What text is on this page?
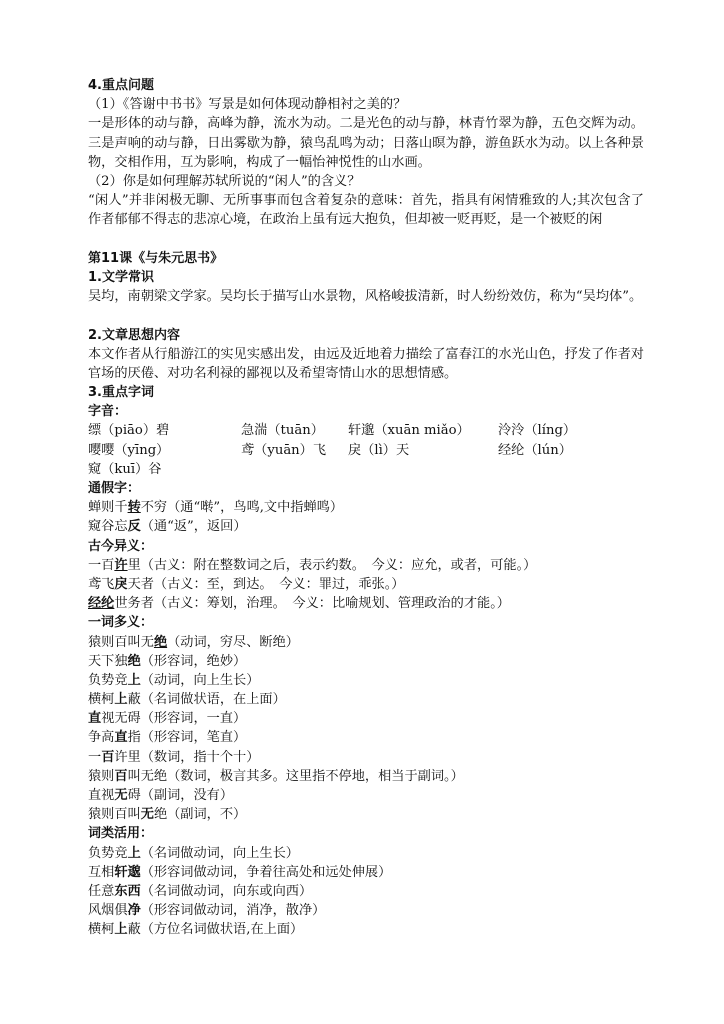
4.重点问题
（1）《答谢中书书》写景是如何体现动静相衬之美的？
一是形体的动与静，高峰为静，流水为动。二是光色的动与静，林青竹翠为静，五色交辉为动。三是声响的动与静，日出雾歇为静，猿鸟乱鸣为动；日落山暝为静，游鱼跃水为动。以上各种景物，交相作用，互为影响，构成了一幅怡神悦性的山水画。
（2）你是如何理解苏轼所说的“闲人”的含义？
“闲人”并非闲极无聊、无所事事而包含着复杂的意味：首先，指具有闲情雅致的人;其次包含了作者郁郁不得志的悲凉心境，在政治上虽有远大抱负，但却被一贬再贬，是一个被贬的闲
第11课《与朱元思书》
1.文学常识
吴均，南朝梁文学家。吴均长于描写山水景物，风格峻拔清新，时人纷纷效仿，称为“吴均体”。
2.文章思想内容
本文作者从行船游江的实见实感出发，由远及近地着力描绘了富春江的水光山色，抒发了作者对官场的厌倦、对功名利禄的鄙视以及希望寄情山水的思想情感。
3.重点字词
字音：
缥（piāo）碧	急湍（tuān） 轩邈（xuān miǎo） 泠泠（líng）
嘤嘤（yīng）	鸢（yuān）飞 戾（lì）天	经纶（lún）
窥（kuī）谷
通假字：
蝉则千转不穷（通“啭”，鸟鸣,文中指蝉鸣）
窥谷忘反（通“返”，返回）
古今异义：
一百许里（古义：附在整数词之后，表示约数。　今义：应允，或者，可能。）
鸢飞戾天者（古义：至，到达。　今义：罪过，乖张。）
经纶世务者（古义：筹划，治理。　今义：比喻规划、管理政治的才能。）
一词多义：
猿则百叫无绝（动词，穷尽、断绝）
天下独绝（形容词，绝妙）
负势竞上（动词，向上生长）
横柯上蔽（名词做状语，在上面）
直视无碍（形容词，一直）
争高直指（形容词，笔直）
一百许里（数词，指十个十）
猿则百叫无绝（数词，极言其多。这里指不停地，相当于副词。）
直视无碍（副词，没有）
猿则百叫无绝（副词，不）
词类活用：
负势竞上（名词做动词，向上生长）
互相轩邈（形容词做动词，争着往高处和远处伸展）
任意东西（名词做动词，向东或向西）
风烟俱净（形容词做动词，消净，散净）
横柯上蔽（方位名词做状语,在上面）
